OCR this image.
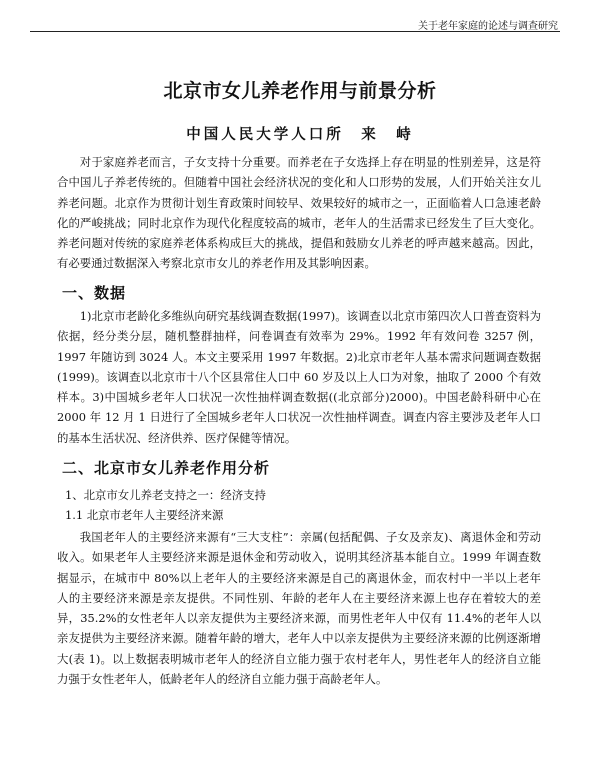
关于老年家庭的论述与调查研究
北京市女儿养老作用与前景分析
中国人民大学人口所　来　峙
对于家庭养老而言，子女支持十分重要。而养老在子女选择上存在明显的性别差异，这是符合中国儿子养老传统的。但随着中国社会经济状况的变化和人口形势的发展，人们开始关注女儿养老问题。北京作为贯彻计划生育政策时间较早、效果较好的城市之一，正面临着人口急速老龄化的严峻挑战；同时北京作为现代化程度较高的城市，老年人的生活需求已经发生了巨大变化。养老问题对传统的家庭养老体系构成巨大的挑战，提倡和鼓励女儿养老的呼声越来越高。因此，有必要通过数据深入考察北京市女儿的养老作用及其影响因素。
一、数据
1)北京市老龄化多维纵向研究基线调查数据(1997)。该调查以北京市第四次人口普查资料为依据，经分类分层，随机整群抽样，问卷调查有效率为 29%。1992 年有效问卷 3257 例，1997 年随访到 3024 人。本文主要采用 1997 年数据。2)北京市老年人基本需求问题调查数据(1999)。该调查以北京市十八个区县常住人口中 60 岁及以上人口为对象，抽取了 2000 个有效样本。3)中国城乡老年人口状况一次性抽样调查数据((北京部分)2000)。中国老龄科研中心在 2000 年 12 月 1 日进行了全国城乡老年人口状况一次性抽样调查。调查内容主要涉及老年人口的基本生活状况、经济供养、医疗保健等情况。
二、北京市女儿养老作用分析
1、北京市女儿养老支持之一：经济支持
1.1 北京市老年人主要经济来源
我国老年人的主要经济来源有“三大支柱”：亲属(包括配偶、子女及亲友)、离退休金和劳动收入。如果老年人主要经济来源是退休金和劳动收入，说明其经济基本能自立。1999 年调查数据显示，在城市中 80%以上老年人的主要经济来源是自己的离退休金，而农村中一半以上老年人的主要经济来源是亲友提供。不同性别、年龄的老年人在主要经济来源上也存在着较大的差异，35.2%的女性老年人以亲友提供为主要经济来源，而男性老年人中仅有 11.4%的老年人以亲友提供为主要经济来源。随着年龄的增大，老年人中以亲友提供为主要经济来源的比例逐渐增大(表 1)。以上数据表明城市老年人的经济自立能力强于农村老年人，男性老年人的经济自立能力强于女性老年人，低龄老年人的经济自立能力强于高龄老年人。
